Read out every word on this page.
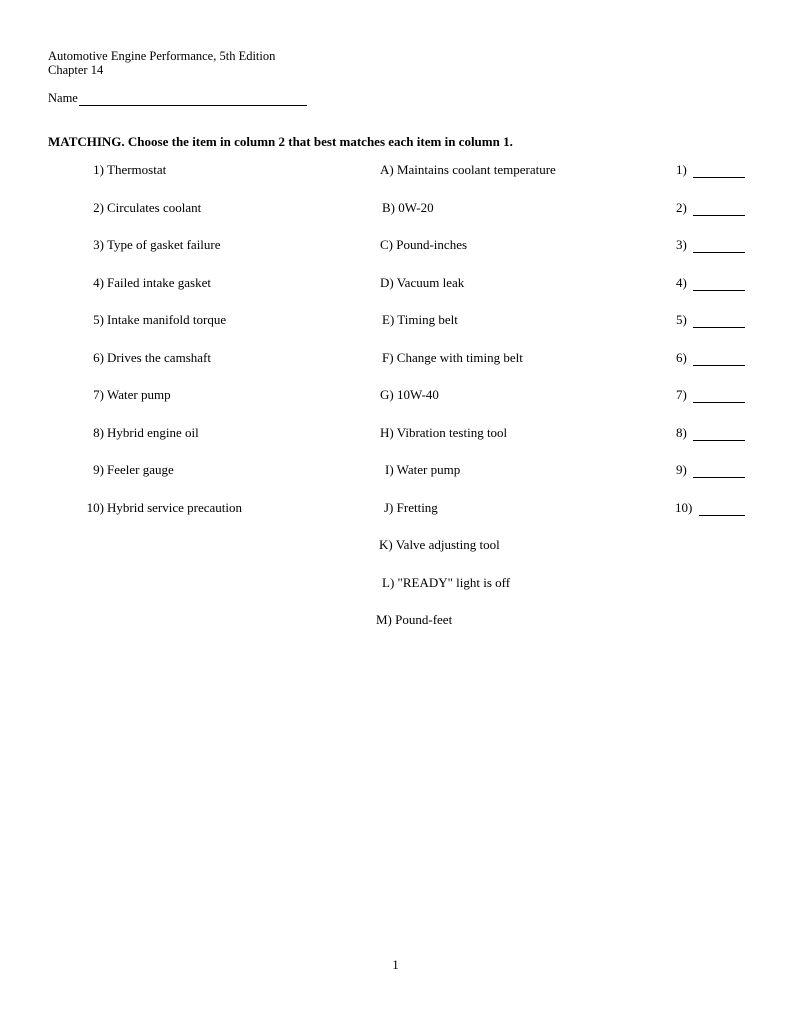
Automotive Engine Performance, 5th Edition
Chapter 14
Name
MATCHING. Choose the item in column 2 that best matches each item in column 1.
1) Thermostat	A) Maintains coolant temperature	1)
2) Circulates coolant	B) 0W-20	2)
3) Type of gasket failure	C) Pound-inches	3)
4) Failed intake gasket	D) Vacuum leak	4)
5) Intake manifold torque	E) Timing belt	5)
6) Drives the camshaft	F) Change with timing belt	6)
7) Water pump	G) 10W-40	7)
8) Hybrid engine oil	H) Vibration testing tool	8)
9) Feeler gauge	I) Water pump	9)
10) Hybrid service precaution	J) Fretting	10)
K) Valve adjusting tool
L) "READY" light is off
M) Pound-feet
1
